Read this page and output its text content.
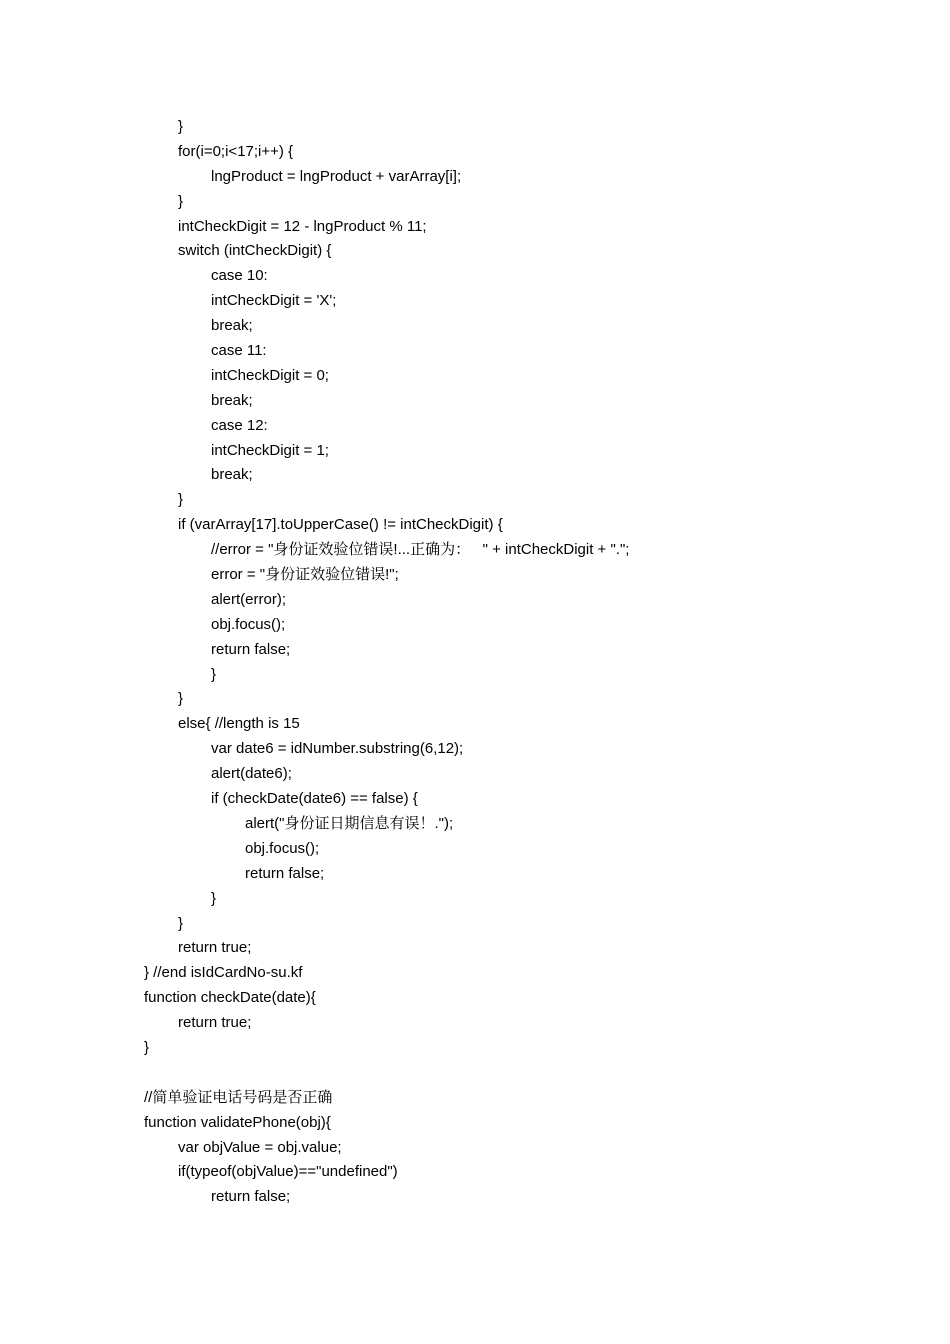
}
for(i=0;i<17;i++) {
lngProduct = lngProduct + varArray[i];
}
intCheckDigit = 12 - lngProduct % 11;
switch (intCheckDigit) {
case 10:
intCheckDigit = 'X';
break;
case 11:
intCheckDigit = 0;
break;
case 12:
intCheckDigit = 1;
break;
}
if (varArray[17].toUpperCase() != intCheckDigit) {
//error = "身份证效验位错误!...正确为：   " + intCheckDigit + ".";
error = "身份证效验位错误!";
alert(error);
obj.focus();
return false;
}
}
else{ //length is 15
var date6 = idNumber.substring(6,12);
alert(date6);
if (checkDate(date6) == false) {
alert("身份证日期信息有误！.");
obj.focus();
return false;
}
}
return true;
} //end isIdCardNo-su.kf
function checkDate(date){
return true;
}
//简单验证电话号码是否正确
function validatePhone(obj){
var objValue = obj.value;
if(typeof(objValue)=="undefined")
return false;
